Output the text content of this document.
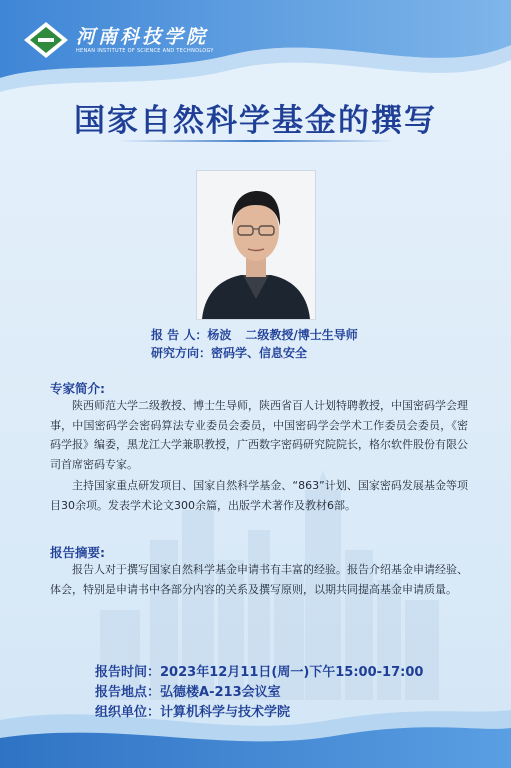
河南科技学院
HENAN INSTITUTE OF SCIENCE AND TECHNOLOGY
国家自然科学基金的撰写
报 告 人：杨波 二级教授/博士生导师
研究方向：密码学、信息安全
专家简介:
陕西师范大学二级教授、博士生导师，陕西省百人计划特聘教授，中国密码学会理事，中国密码学会密码算法专业委员会委员，中国密码学会学术工作委员会委员，《密码学报》编委，黑龙江大学兼职教授，广西数字密码研究院院长，格尔软件股份有限公司首席密码专家。
主持国家重点研发项目、国家自然科学基金、“863”计划、国家密码发展基金等项目30余项。发表学术论文300余篇，出版学术著作及教材6部。
报告摘要:
报告人对于撰写国家自然科学基金申请书有丰富的经验。报告介绍基金申请经验、体会，特别是申请书中各部分内容的关系及撰写原则，以期共同提高基金申请质量。
报告时间：2023年12月11日(周一)下午15:00-17:00
报告地点：弘德楼A-213会议室
组织单位：计算机科学与技术学院
